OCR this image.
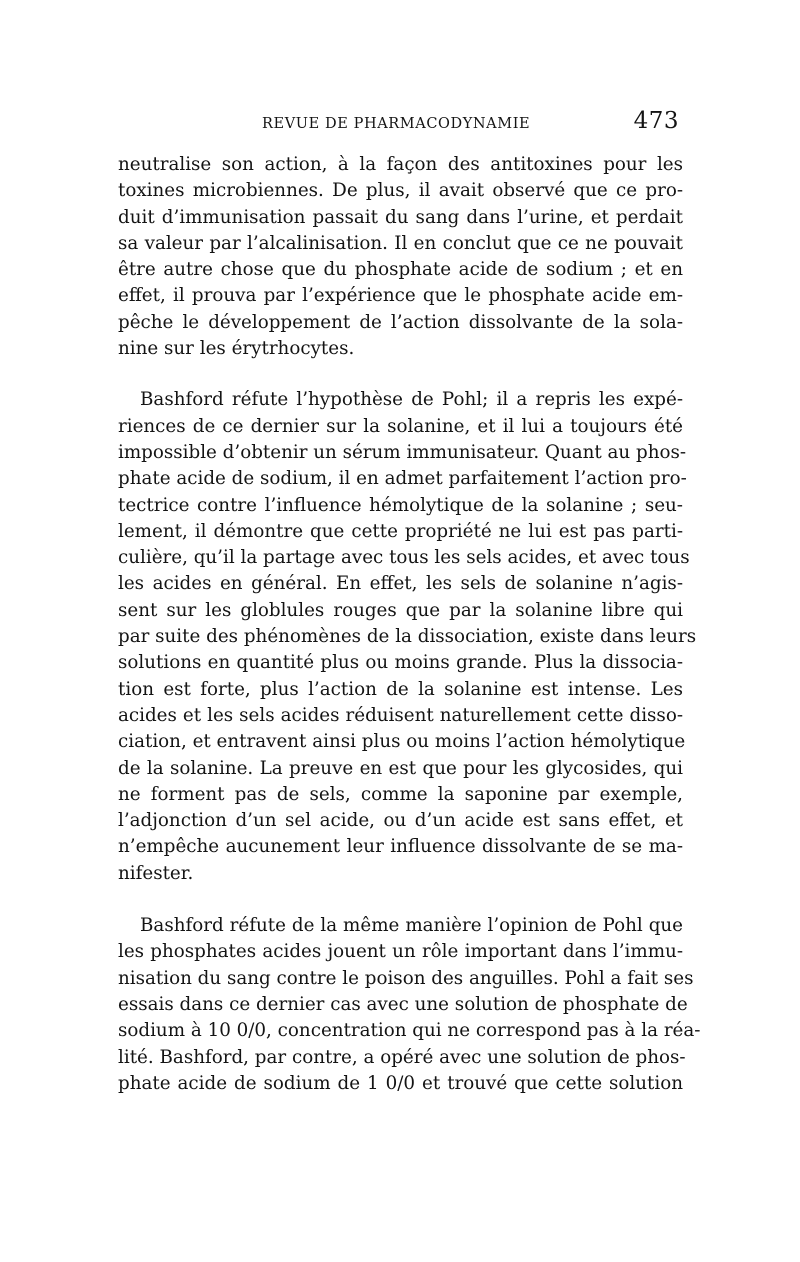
REVUE DE PHARMACODYNAMIE	473
neutralise son action, à la façon des antitoxines pour les
toxines microbiennes. De plus, il avait observé que ce pro-
duit d’immunisation passait du sang dans l’urine, et perdait
sa valeur par l’alcalinisation. Il en conclut que ce ne pouvait
être autre chose que du phosphate acide de sodium ; et en
effet, il prouva par l’expérience que le phosphate acide em-
pêche le développement de l’action dissolvante de la sola-
nine sur les érytrhocytes.
Bashford réfute l’hypothèse de Pohl; il a repris les expé-
riences de ce dernier sur la solanine, et il lui a toujours été
impossible d’obtenir un sérum immunisateur. Quant au phos-
phate acide de sodium, il en admet parfaitement l’action pro-
tectrice contre l’influence hémolytique de la solanine ; seu-
lement, il démontre que cette propriété ne lui est pas parti-
culière, qu’il la partage avec tous les sels acides, et avec tous
les acides en général. En effet, les sels de solanine n’agis-
sent sur les globlules rouges que par la solanine libre qui
par suite des phénomènes de la dissociation, existe dans leurs
solutions en quantité plus ou moins grande. Plus la dissocia-
tion est forte, plus l’action de la solanine est intense. Les
acides et les sels acides réduisent naturellement cette disso-
ciation, et entravent ainsi plus ou moins l’action hémolytique
de la solanine. La preuve en est que pour les glycosides, qui
ne forment pas de sels, comme la saponine par exemple,
l’adjonction d’un sel acide, ou d’un acide est sans effet, et
n’empêche aucunement leur influence dissolvante de se ma-
nifester.
Bashford réfute de la même manière l’opinion de Pohl que
les phosphates acides jouent un rôle important dans l’immu-
nisation du sang contre le poison des anguilles. Pohl a fait ses
essais dans ce dernier cas avec une solution de phosphate de
sodium à 10 0/0, concentration qui ne correspond pas à la réa-
lité. Bashford, par contre, a opéré avec une solution de phos-
phate acide de sodium de 1 0/0 et trouvé que cette solution
